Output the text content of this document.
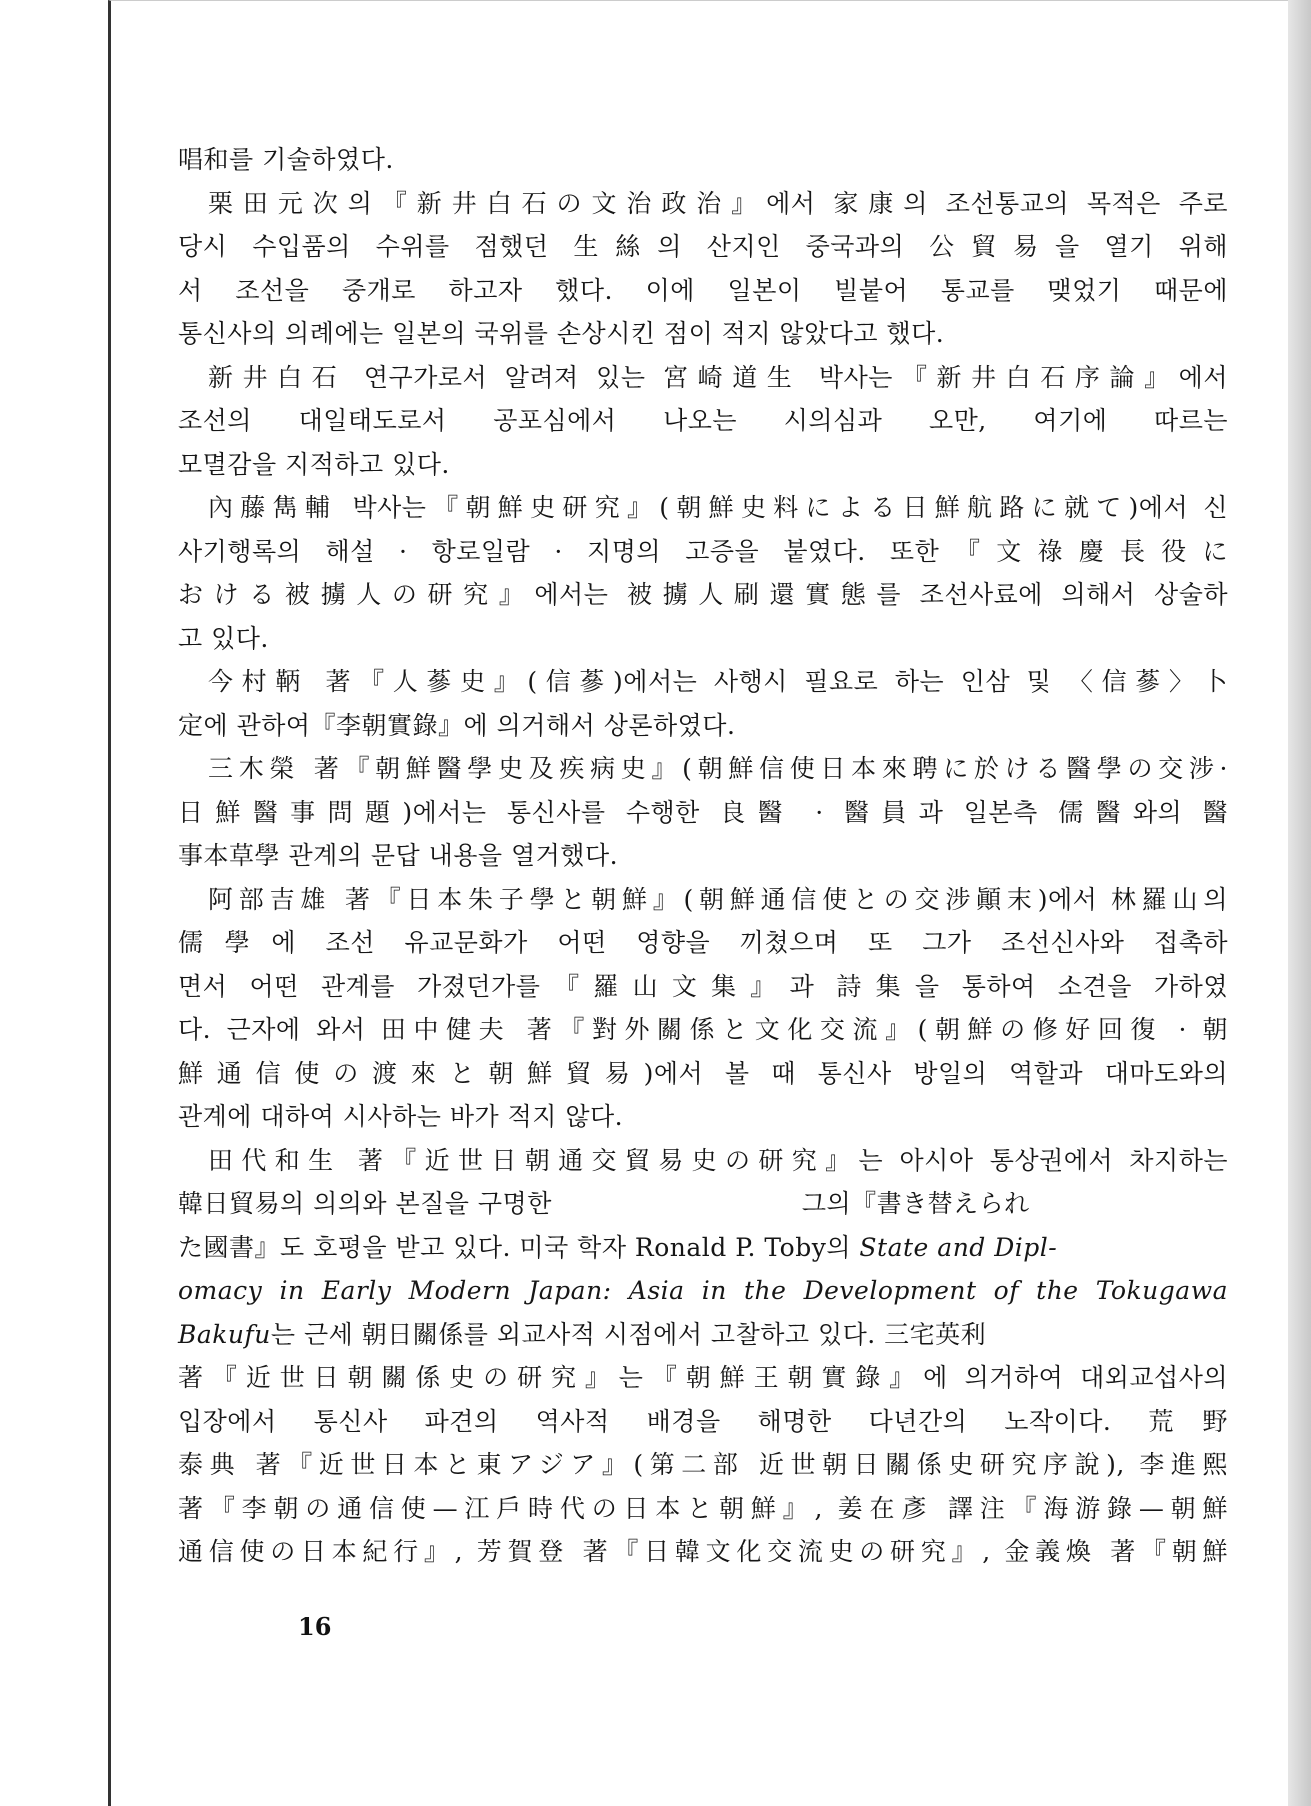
唱和를 기술하였다.
栗田元次의『新井白石の文治政治』에서 家康의 조선통교의 목적은 주로
당시 수입품의 수위를 점했던 生絲의 산지인 중국과의 公貿易을 열기 위해
서 조선을 중개로 하고자 했다. 이에 일본이 빌붙어 통교를 맺었기 때문에
통신사의 의례에는 일본의 국위를 손상시킨 점이 적지 않았다고 했다.
新井白石 연구가로서 알려져 있는 宮崎道生 박사는『新井白石序論』에서
조선의 대일태도로서 공포심에서 나오는 시의심과 오만, 여기에 따르는
모멸감을 지적하고 있다.
內藤雋輔 박사는『朝鮮史研究』(朝鮮史料による日鮮航路に就て)에서 신
사기행록의 해설 · 항로일람 · 지명의 고증을 붙였다. 또한『文祿慶長役に
おける被擄人の研究』에서는 被擄人刷還實態를 조선사료에 의해서 상술하
고 있다.
今村鞆 著『人蔘史』(信蔘)에서는 사행시 필요로 하는 인삼 및 〈信蔘〉卜
定에 관하여『李朝實錄』에 의거해서 상론하였다.
三木榮 著『朝鮮醫學史及疾病史』(朝鮮信使日本來聘に於ける醫學の交涉·
日鮮醫事問題)에서는 통신사를 수행한 良醫 · 醫員과 일본측 儒醫와의 醫
事本草學 관계의 문답 내용을 열거했다.
阿部吉雄 著『日本朱子學と朝鮮』(朝鮮通信使との交涉顚末)에서 林羅山의
儒學에 조선 유교문화가 어떤 영향을 끼쳤으며 또 그가 조선신사와 접촉하
면서 어떤 관계를 가졌던가를『羅山文集』과 詩集을 통하여 소견을 가하였
다. 근자에 와서 田中健夫 著『對外關係と文化交流』(朝鮮の修好回復 · 朝
鮮通信使の渡來と朝鮮貿易)에서 볼 때 통신사 방일의 역할과 대마도와의
관계에 대하여 시사하는 바가 적지 않다.
田代和生 著『近世日朝通交貿易史の研究』는 아시아 통상권에서 차지하는
韓日貿易의 의의와 본질을 구명한	그의『書き替えられ
た國書』도 호평을 받고 있다. 미국 학자 Ronald P. Toby의 State and Dipl-
omacy in Early Modern Japan: Asia in the Development of the Tokugawa
Bakufu는 근세 朝日關係를 외교사적 시점에서 고찰하고 있다. 三宅英利
著『近世日朝關係史の研究』는『朝鮮王朝實錄』에 의거하여 대외교섭사의
입장에서 통신사 파견의 역사적 배경을 해명한 다년간의 노작이다. 荒野
泰典 著『近世日本と東アジア』(第二部 近世朝日關係史研究序說), 李進熙
著『李朝の通信使—江戶時代の日本と朝鮮』, 姜在彥 譯注『海游錄—朝鮮
通信使の日本紀行』, 芳賀登 著『日韓文化交流史の研究』, 金義煥 著『朝鮮
16
